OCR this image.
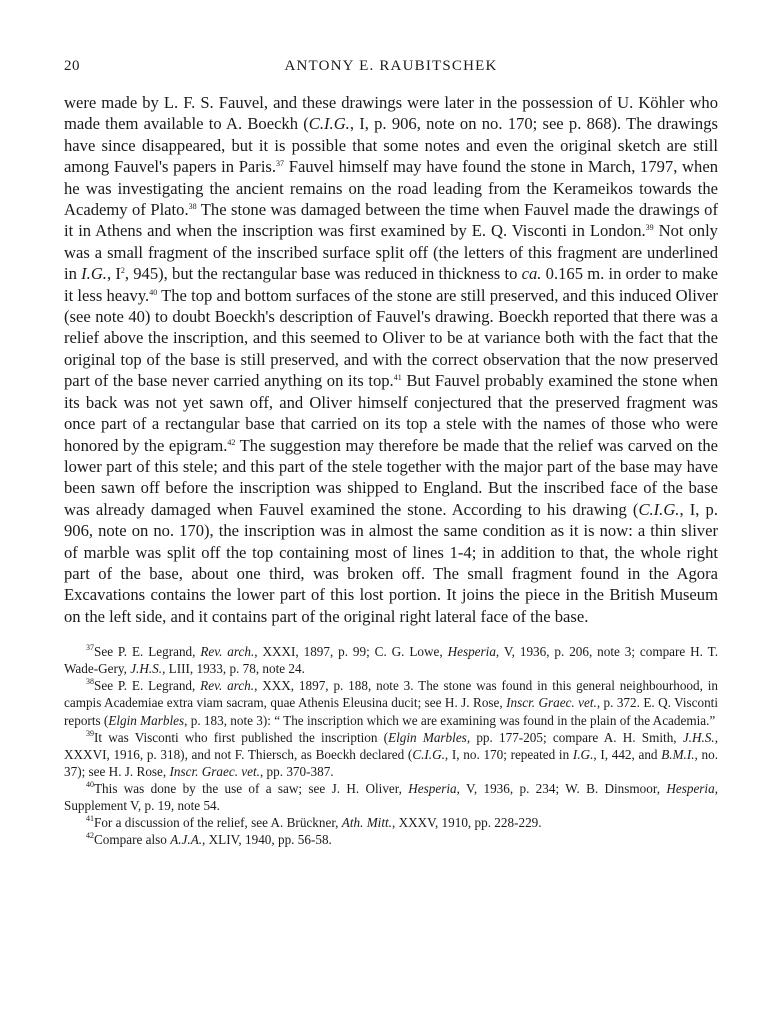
20	ANTONY E. RAUBITSCHEK

were made by L. F. S. Fauvel, and these drawings were later in the possession of U. Köhler who made them available to A. Boeckh (C.I.G., I, p. 906, note on no. 170; see p. 868). The drawings have since disappeared, but it is possible that some notes and even the original sketch are still among Fauvel's papers in Paris.$^{37}$ Fauvel himself may have found the stone in March, 1797, when he was investigating the ancient remains on the road leading from the Kerameikos towards the Academy of Plato.$^{38}$ The stone was damaged between the time when Fauvel made the drawings of it in Athens and when the inscription was first examined by E. Q. Visconti in London.$^{39}$ Not only was a small fragment of the inscribed surface split off (the letters of this fragment are underlined in I.G., $I^2$, 945), but the rectangular base was reduced in thickness to ca. 0.165 m. in order to make it less heavy.$^{40}$ The top and bottom surfaces of the stone are still preserved, and this induced Oliver (see note 40) to doubt Boeckh's description of Fauvel's drawing. Boeckh reported that there was a relief above the inscription, and this seemed to Oliver to be at variance both with the fact that the original top of the base is still preserved, and with the correct observation that the now preserved part of the base never carried anything on its top.$^{41}$ But Fauvel probably examined the stone when its back was not yet sawn off, and Oliver himself conjectured that the preserved fragment was once part of a rectangular base that carried on its top a stele with the names of those who were honored by the epigram.$^{42}$ The suggestion may therefore be made that the relief was carved on the lower part of this stele; and this part of the stele together with the major part of the base may have been sawn off before the inscription was shipped to England. But the inscribed face of the base was already damaged when Fauvel examined the stone. According to his drawing (C.I.G., I, p. 906, note on no. 170), the inscription was in almost the same condition as it is now: a thin sliver of marble was split off the top containing most of lines 1-4; in addition to that, the whole right part of the base, about one third, was broken off. The small fragment found in the Agora Excavations contains the lower part of this lost portion. It joins the piece in the British Museum on the left side, and it contains part of the original right lateral face of the base.

$^{37}$See P. E. Legrand, Rev. arch., XXXI, 1897, p. 99; C. G. Lowe, Hesperia, V, 1936, p. 206, note 3; compare H. T. Wade-Gery, J.H.S., LIII, 1933, p. 78, note 24.

$^{38}$See P. E. Legrand, Rev. arch., XXX, 1897, p. 188, note 3. The stone was found in this general neighbourhood, in campis Academiae extra viam sacram, quae Athenis Eleusina ducit; see H. J. Rose, Inscr. Graec. vet., p. 372. E. Q. Visconti reports (Elgin Marbles, p. 183, note 3): “ The inscription which we are examining was found in the plain of the Academia.”

$^{39}$It was Visconti who first published the inscription (Elgin Marbles, pp. 177-205; compare A. H. Smith, J.H.S., XXXVI, 1916, p. 318), and not F. Thiersch, as Boeckh declared (C.I.G., I, no. 170; repeated in I.G., I, 442, and B.M.I., no. 37); see H. J. Rose, Inscr. Graec. vet., pp. 370-387.

$^{40}$This was done by the use of a saw; see J. H. Oliver, Hesperia, V, 1936, p. 234; W. B. Dinsmoor, Hesperia, Supplement V, p. 19, note 54.

$^{41}$For a discussion of the relief, see A. Brückner, Ath. Mitt., XXXV, 1910, pp. 228-229.

$^{42}$Compare also A.J.A., XLIV, 1940, pp. 56-58.
